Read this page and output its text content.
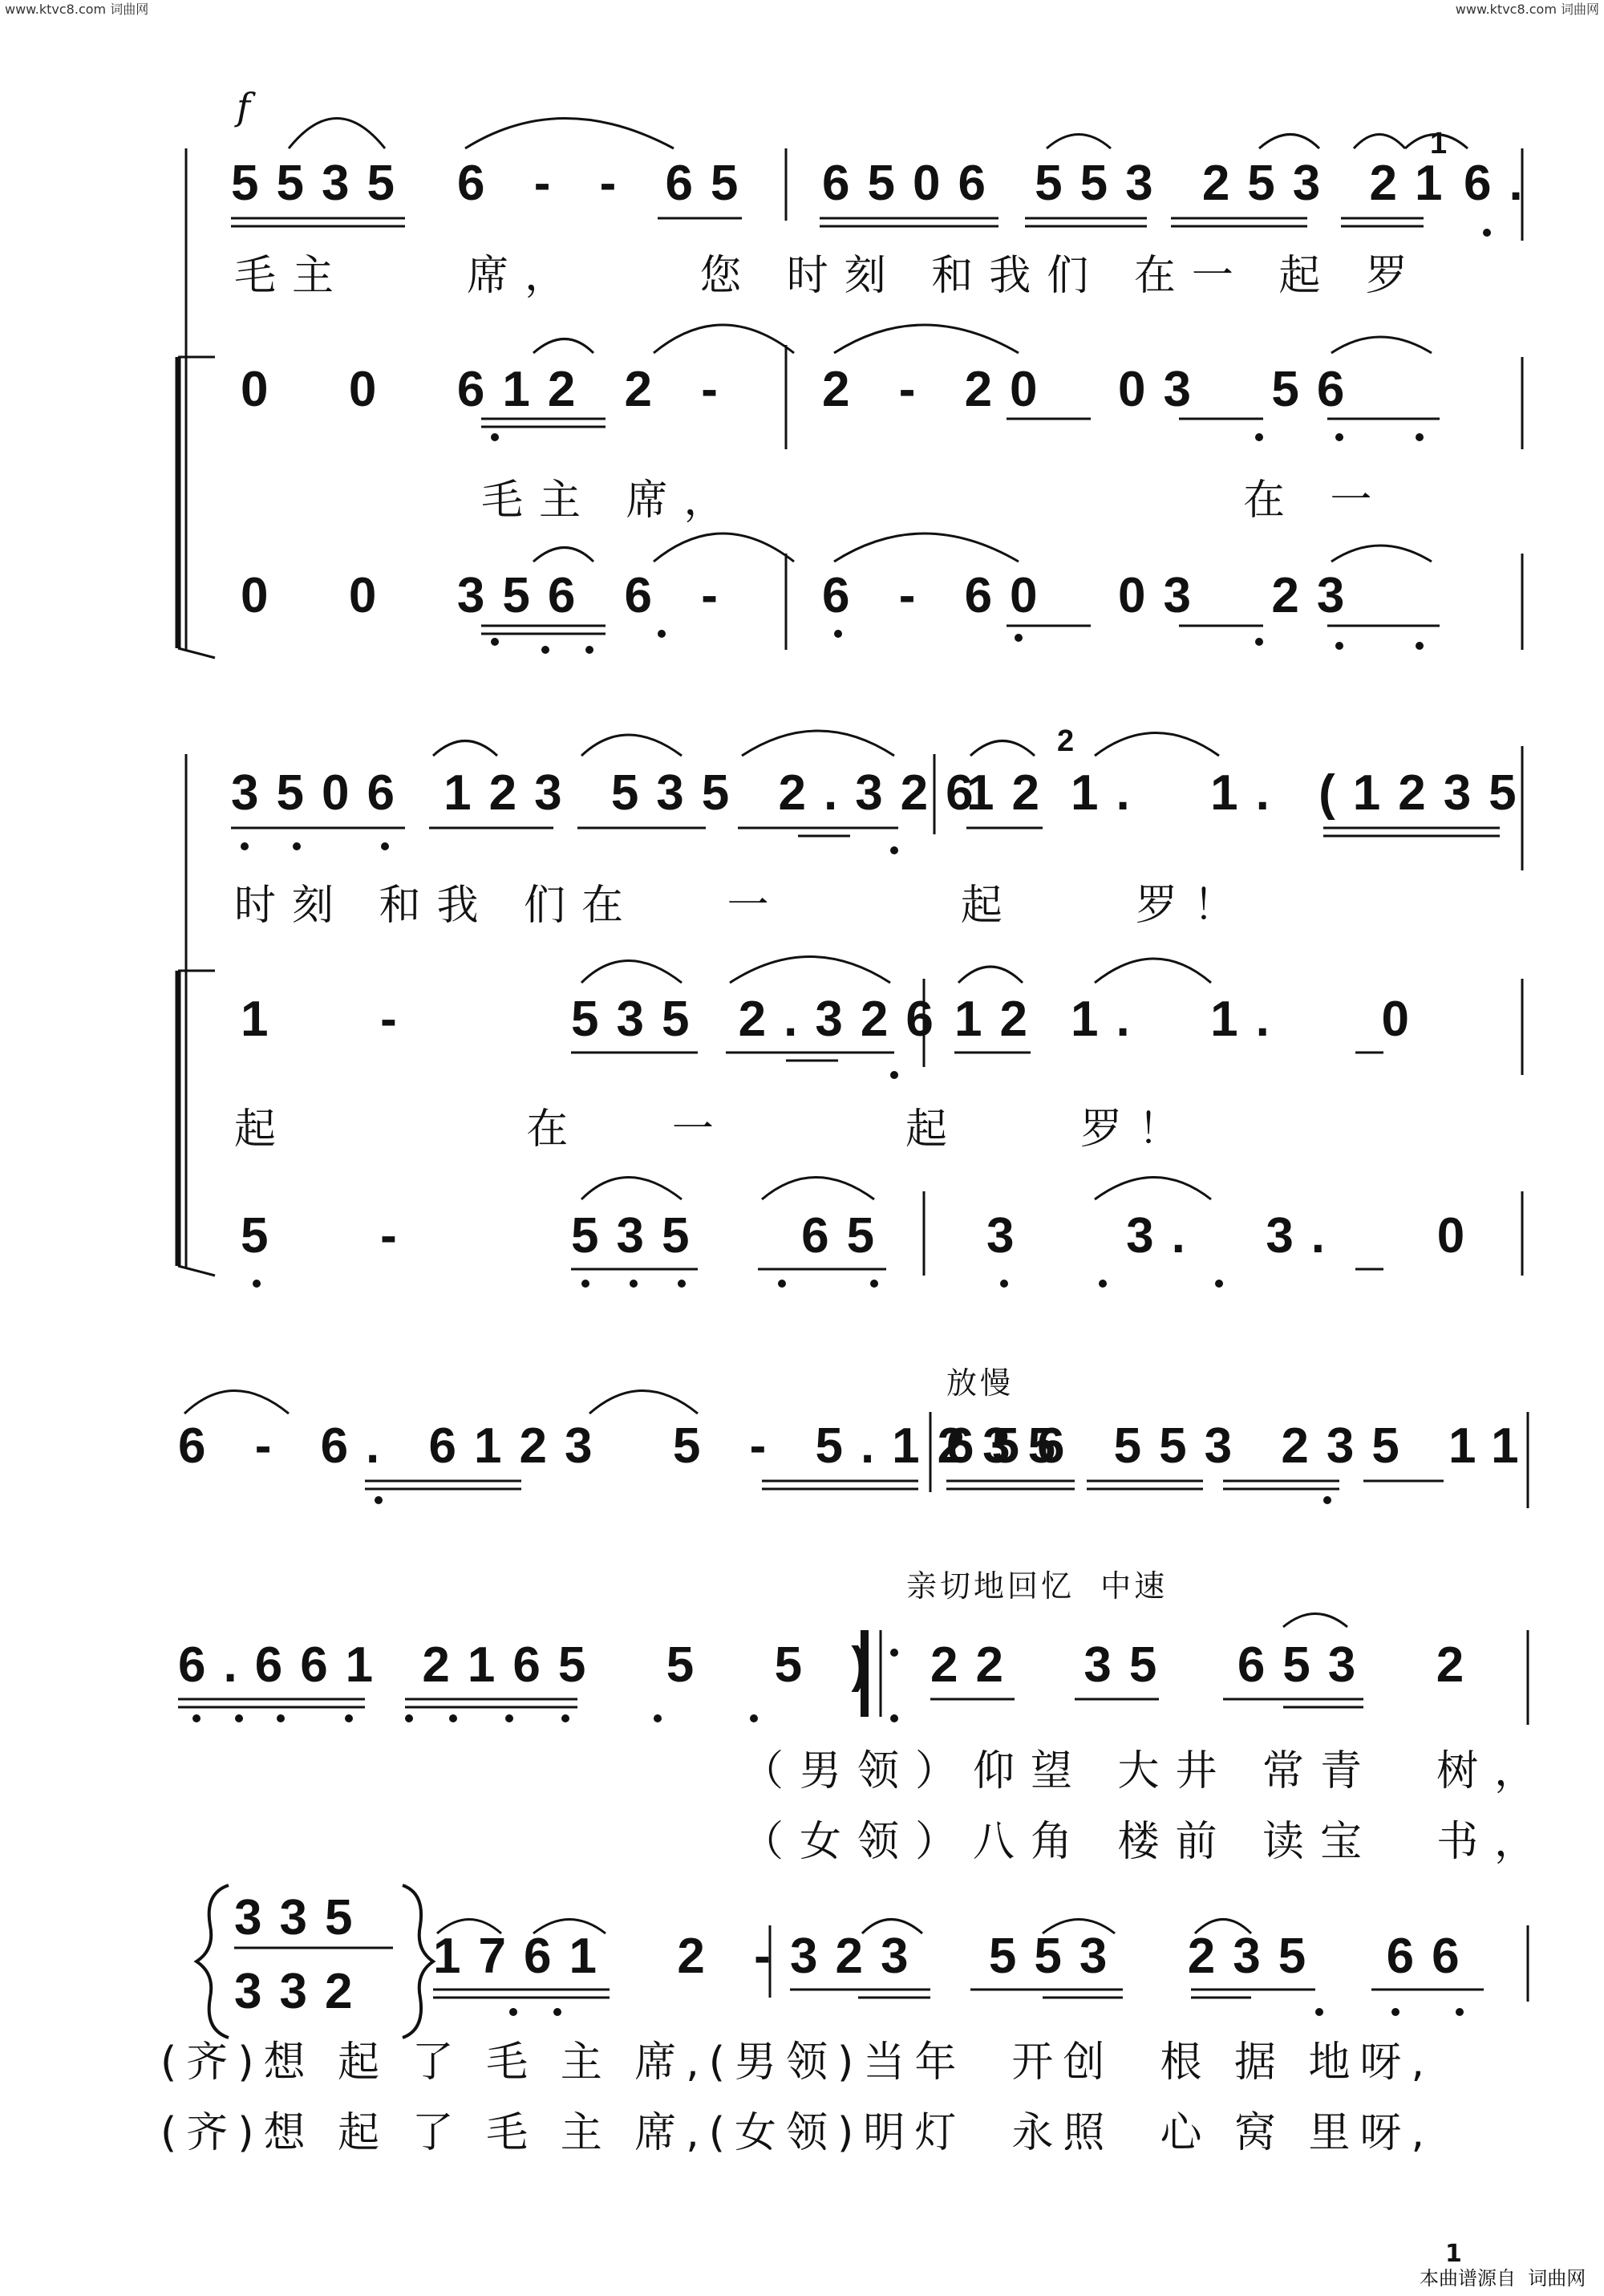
www.ktvc8.com 词曲网	www.ktvc8.com 词曲网
f
5535 6 - - 65 6506 553 253 21 6.
1
毛主    席，    您 时刻 和我们 在一 起 罗
0  0  612 2 - 2 - 20  03  56
毛主 席，	在 一
0  0  356 6 - 6 - 60  03  23
3506 123 535 2.326
12 1.  1. (1235
2
时刻 和我 们在   一      起    罗！
1   -	535 2.326 12 1.  1.   0
起        在   一      起    罗！
5   -	535   65 3   3.  3.   0
放慢
6 - 6. 6123  5 - 5.1235
656 553 235 11
亲切地回忆  中速
6.661 2165  5  5 ) 22  35  653  2
（男领）仰望 大井 常青  树，
（女领）八角 楼前 读宝  书，
335
332
1761  2 - 323  553  235  66
(齐)想 起 了 毛 主 席,(男领)当年  开创  根 据 地呀,
(齐)想 起 了 毛 主 席,(女领)明灯  永照  心 窝 里呀,
1
本曲谱源自  词曲网
